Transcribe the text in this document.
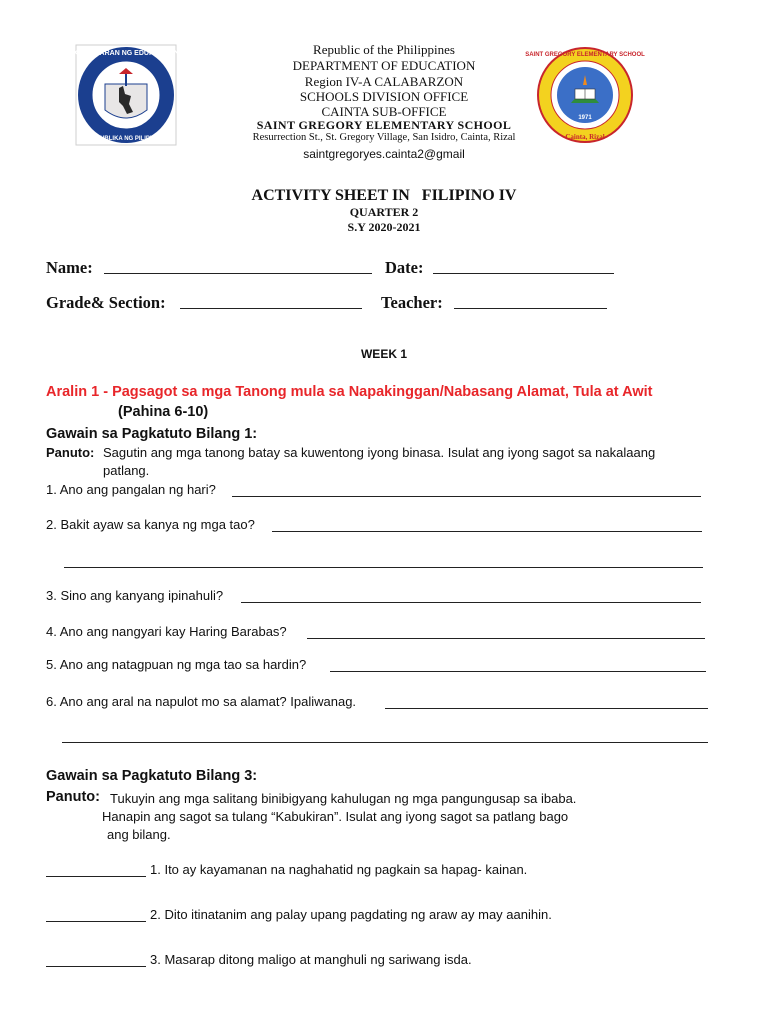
KAGAWARAN NG EDUKASYON
REPUBLIKA NG PILIPINAS
1971
SAINT GREGORY ELEMENTARY SCHOOL
Cainta, Rizal
Republic of the Philippines
DEPARTMENT OF EDUCATION
Region IV-A CALABARZON
SCHOOLS DIVISION OFFICE
CAINTA SUB-OFFICE
SAINT GREGORY ELEMENTARY SCHOOL
Resurrection St., St. Gregory Village, San Isidro, Cainta, Rizal
saintgregoryes.cainta2@gmail
ACTIVITY SHEET IN   FILIPINO IV
QUARTER 2
S.Y 2020-2021
Name:	Date:
Grade& Section:	Teacher:
WEEK 1
Aralin 1 - Pagsagot sa mga Tanong mula sa Napakinggan/Nabasang Alamat, Tula at Awit
(Pahina 6-10)
Gawain sa Pagkatuto Bilang 1:
Panuto: Sagutin ang mga tanong batay sa kuwentong iyong binasa. Isulat ang iyong sagot sa nakalaang
patlang.
1. Ano ang pangalan ng hari?
2. Bakit ayaw sa kanya ng mga tao?
3. Sino ang kanyang ipinahuli?
4. Ano ang nangyari kay Haring Barabas?
5. Ano ang natagpuan ng mga tao sa hardin?
6. Ano ang aral na napulot mo sa alamat? Ipaliwanag.
Gawain sa Pagkatuto Bilang 3:
Panuto: Tukuyin ang mga salitang binibigyang kahulugan ng mga pangungusap sa ibaba.
Hanapin ang sagot sa tulang “Kabukiran”. Isulat ang iyong sagot sa patlang bago
ang bilang.
1. Ito ay kayamanan na naghahatid ng pagkain sa hapag- kainan.
2. Dito itinatanim ang palay upang pagdating ng araw ay may aanihin.
3. Masarap ditong maligo at manghuli ng sariwang isda.
